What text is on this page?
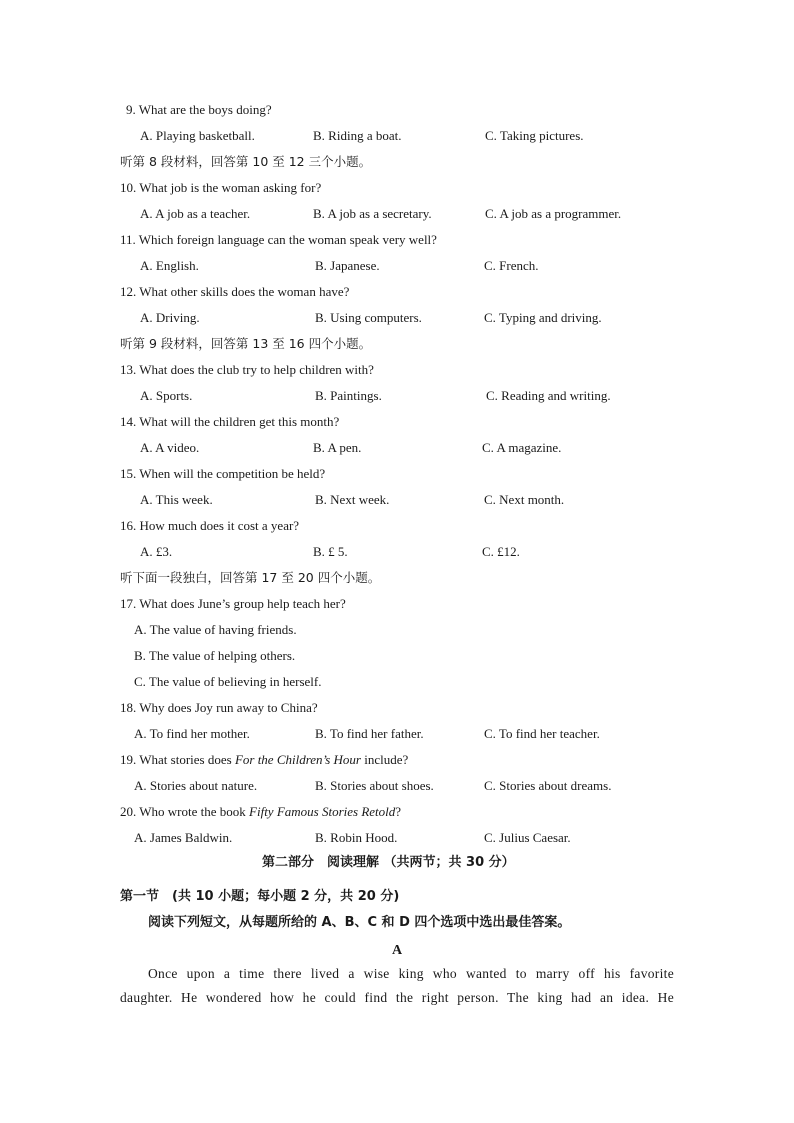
9. What are the boys doing?
A. Playing basketball.	B. Riding a boat.	C. Taking pictures.
听第 8 段材料，回答第 10 至 12 三个小题。
10. What job is the woman asking for?
A. A job as a teacher.	B. A job as a secretary.	C. A job as a programmer.
11. Which foreign language can the woman speak very well?
A. English.	B. Japanese.	C. French.
12. What other skills does the woman have?
A. Driving.	B. Using computers.	C. Typing and driving.
听第 9 段材料，回答第 13 至 16 四个小题。
13. What does the club try to help children with?
A. Sports.	B. Paintings.	C. Reading and writing.
14. What will the children get this month?
A. A video.	B. A pen.	C. A magazine.
15. When will the competition be held?
A. This week.	B. Next week.	C. Next month.
16. How much does it cost a year?
A. £3.	B. £ 5.	C. £12.
听下面一段独白，回答第 17 至 20 四个小题。
17. What does June’s group help teach her?
A. The value of having friends.
B. The value of helping others.
C. The value of believing in herself.
18. Why does Joy run away to China?
A. To find her mother.	B. To find her father.	C. To find her teacher.
19. What stories does For the Children’s Hour include?
A. Stories about nature.	B. Stories about shoes.	C. Stories about dreams.
20. Who wrote the book Fifty Famous Stories Retold?
A. James Baldwin.	B. Robin Hood.	C. Julius Caesar.
第二部分　阅读理解 （共两节；共 30 分）
第一节　(共 10 小题；每小题 2 分，共 20 分)
阅读下列短文，从每题所给的 A、B、C 和 D 四个选项中选出最佳答案。
A
Once upon a time there lived a wise king who wanted to marry off his favorite
daughter. He wondered how he could find the right person. The king had an idea. He
